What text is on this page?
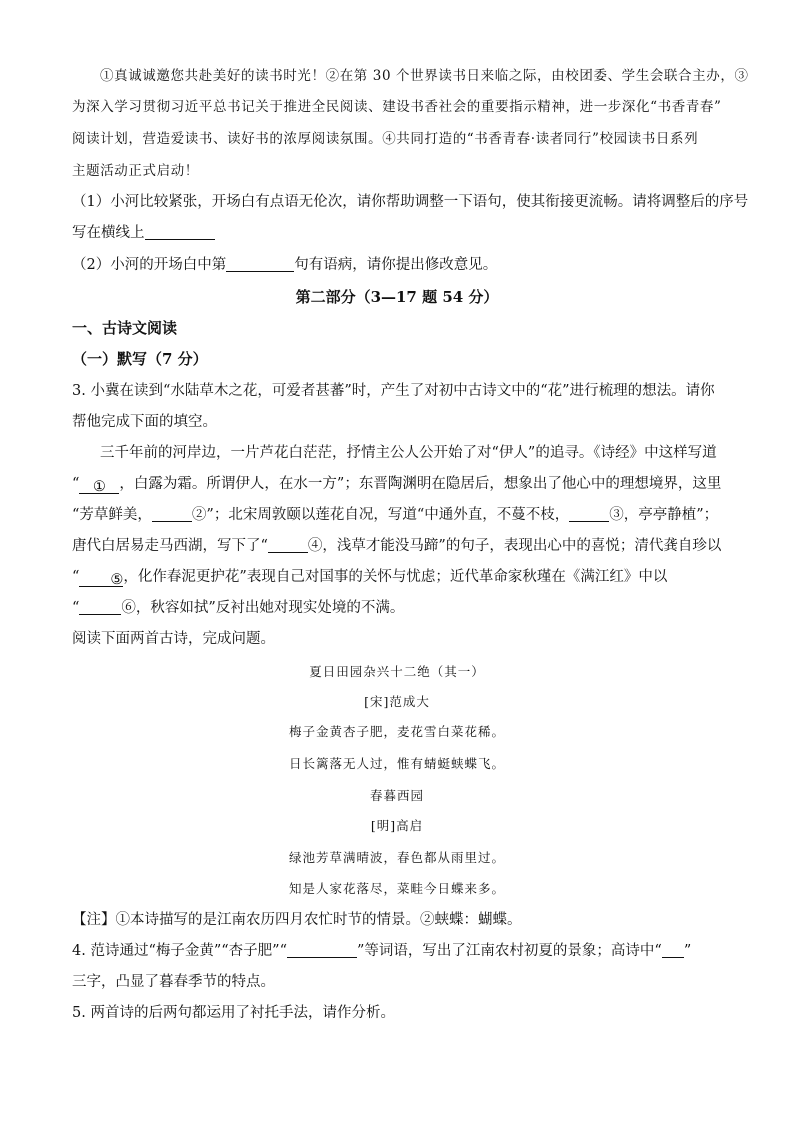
①真诚诚邀您共赴美好的读书时光！②在第 30 个世界读书日来临之际，由校团委、学生会联合主办，③
为深入学习贯彻习近平总书记关于推进全民阅读、建设书香社会的重要指示精神，进一步深化“书香青春”
阅读计划，营造爱读书、读好书的浓厚阅读氛围。④共同打造的“书香青春·读者同行”校园读书日系列
主题活动正式启动！
（1）小河比较紧张，开场白有点语无伦次，请你帮助调整一下语句，使其衔接更流畅。请将调整后的序号
写在横线上
（2）小河的开场白中第	句有语病，请你提出修改意见。
第二部分（3—17 题 54 分）
一、古诗文阅读
（一）默写（7 分）
3. 小冀在读到“水陆草木之花，可爱者甚蕃”时，产生了对初中古诗文中的“花”进行梳理的想法。请你
帮他完成下面的填空。
三千年前的河岸边，一片芦花白茫茫，抒情主公人公开始了对“伊人”的追寻。《诗经》中这样写道
“ ① ，白露为霜。所谓伊人，在水一方”；东晋陶渊明在隐居后，想象出了他心中的理想境界，这里
“芳草鲜美，	②”；北宋周敦颐以莲花自况，写道“中通外直，不蔓不枝，	③，亭亭静植”；
唐代白居易走马西湖，写下了“	④，浅草才能没马蹄”的句子，表现出心中的喜悦；清代龚自珍以
“ ⑤，化作春泥更护花”表现自己对国事的关怀与忧虑；近代革命家秋瑾在《满江红》中以
“	⑥，秋容如拭”反衬出她对现实处境的不满。
阅读下面两首古诗，完成问题。
夏日田园杂兴十二绝（其一）
[宋]范成大
梅子金黄杏子肥，麦花雪白菜花稀。
日长篱落无人过，惟有蜻蜓蛱蝶飞。
春暮西园
[明]高启
绿池芳草满晴波，春色都从雨里过。
知是人家花落尽，菜畦今日蝶来多。
【注】①本诗描写的是江南农历四月农忙时节的情景。②蛱蝶：蝴蝶。
4. 范诗通过“梅子金黄”“杏子肥”“	”等词语，写出了江南农村初夏的景象；高诗中“ ”
三字，凸显了暮春季节的特点。
5. 两首诗的后两句都运用了衬托手法，请作分析。
